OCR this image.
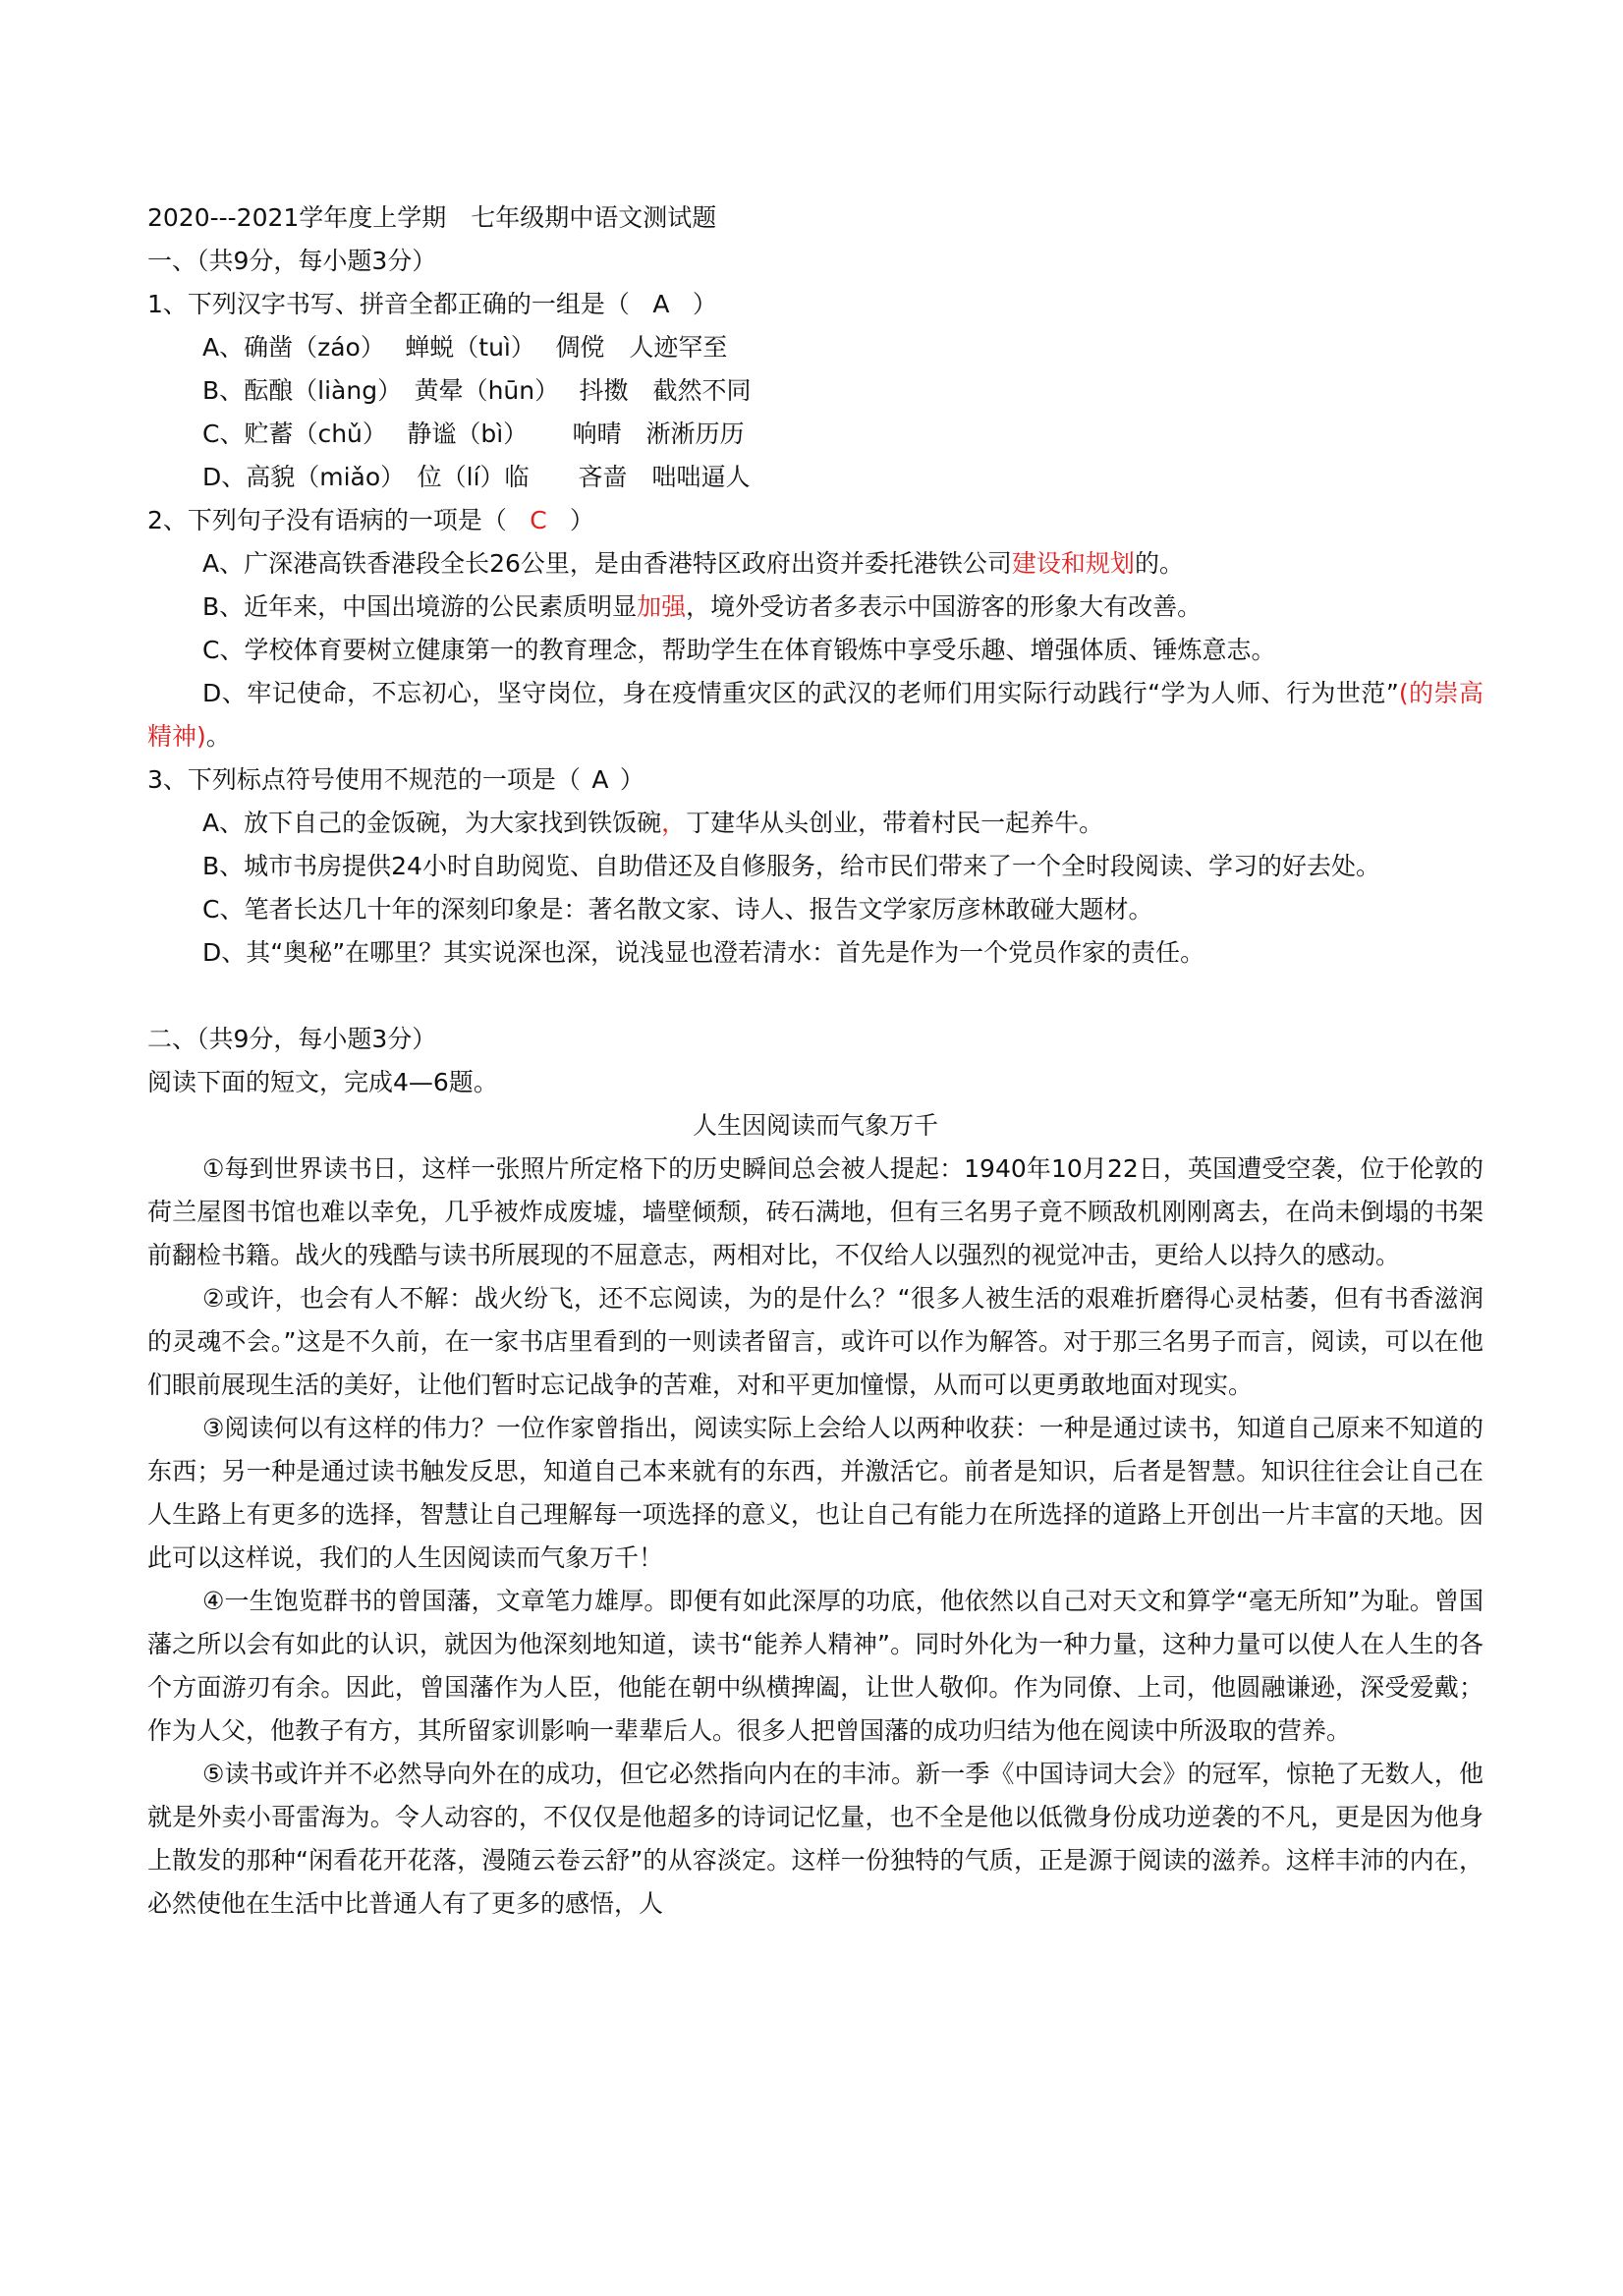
2020---2021学年度上学期　七年级期中语文测试题
一、（共9分，每小题3分）
1、下列汉字书写、拼音全都正确的一组是（ A ）
A、确凿（záo）　 蝉蜕（tuì）　 倜傥　人迹罕至
B、酝酿（liàng）　黄晕（hūn）　 抖擞　截然不同
C、贮蓄（chǔ）　 静谧（bì）　　 响晴　淅淅历历
D、高貌（miǎo）　位（lí）临　　吝啬　咄咄逼人
2、下列句子没有语病的一项是（ C ）
A、广深港高铁香港段全长26公里，是由香港特区政府出资并委托港铁公司建设和规划的。
B、近年来，中国出境游的公民素质明显加强，境外受访者多表示中国游客的形象大有改善。
C、学校体育要树立健康第一的教育理念，帮助学生在体育锻炼中享受乐趣、增强体质、锤炼意志。
D、牢记使命，不忘初心，坚守岗位，身在疫情重灾区的武汉的老师们用实际行动践行“学为人师、行为世范”(的崇高精神)。
3、下列标点符号使用不规范的一项是（ A ）
A、放下自己的金饭碗，为大家找到铁饭碗，丁建华从头创业，带着村民一起养牛。
B、城市书房提供24小时自助阅览、自助借还及自修服务，给市民们带来了一个全时段阅读、学习的好去处。
C、笔者长达几十年的深刻印象是：著名散文家、诗人、报告文学家厉彦林敢碰大题材。
D、其“奥秘”在哪里？其实说深也深，说浅显也澄若清水：首先是作为一个党员作家的责任。
二、（共9分，每小题3分）
阅读下面的短文，完成4—6题。
人生因阅读而气象万千
①每到世界读书日，这样一张照片所定格下的历史瞬间总会被人提起：1940年10月22日，英国遭受空袭，位于伦敦的荷兰屋图书馆也难以幸免，几乎被炸成废墟，墙壁倾颓，砖石满地，但有三名男子竟不顾敌机刚刚离去，在尚未倒塌的书架前翻检书籍。战火的残酷与读书所展现的不屈意志，两相对比，不仅给人以强烈的视觉冲击，更给人以持久的感动。
②或许，也会有人不解：战火纷飞，还不忘阅读，为的是什么？“很多人被生活的艰难折磨得心灵枯萎，但有书香滋润的灵魂不会。”这是不久前，在一家书店里看到的一则读者留言，或许可以作为解答。对于那三名男子而言，阅读，可以在他们眼前展现生活的美好，让他们暂时忘记战争的苦难，对和平更加憧憬，从而可以更勇敢地面对现实。
③阅读何以有这样的伟力？一位作家曾指出，阅读实际上会给人以两种收获：一种是通过读书，知道自己原来不知道的东西；另一种是通过读书触发反思，知道自己本来就有的东西，并激活它。前者是知识，后者是智慧。知识往往会让自己在人生路上有更多的选择，智慧让自己理解每一项选择的意义，也让自己有能力在所选择的道路上开创出一片丰富的天地。因此可以这样说，我们的人生因阅读而气象万千！
④一生饱览群书的曾国藩，文章笔力雄厚。即便有如此深厚的功底，他依然以自己对天文和算学“毫无所知”为耻。曾国藩之所以会有如此的认识，就因为他深刻地知道，读书“能养人精神”。同时外化为一种力量，这种力量可以使人在人生的各个方面游刃有余。因此，曾国藩作为人臣，他能在朝中纵横捭阖，让世人敬仰。作为同僚、上司，他圆融谦逊，深受爱戴；作为人父，他教子有方，其所留家训影响一辈辈后人。很多人把曾国藩的成功归结为他在阅读中所汲取的营养。
⑤读书或许并不必然导向外在的成功，但它必然指向内在的丰沛。新一季《中国诗词大会》的冠军，惊艳了无数人，他就是外卖小哥雷海为。令人动容的，不仅仅是他超多的诗词记忆量，也不全是他以低微身份成功逆袭的不凡，更是因为他身上散发的那种“闲看花开花落，漫随云卷云舒”的从容淡定。这样一份独特的气质，正是源于阅读的滋养。这样丰沛的内在，必然使他在生活中比普通人有了更多的感悟，人
